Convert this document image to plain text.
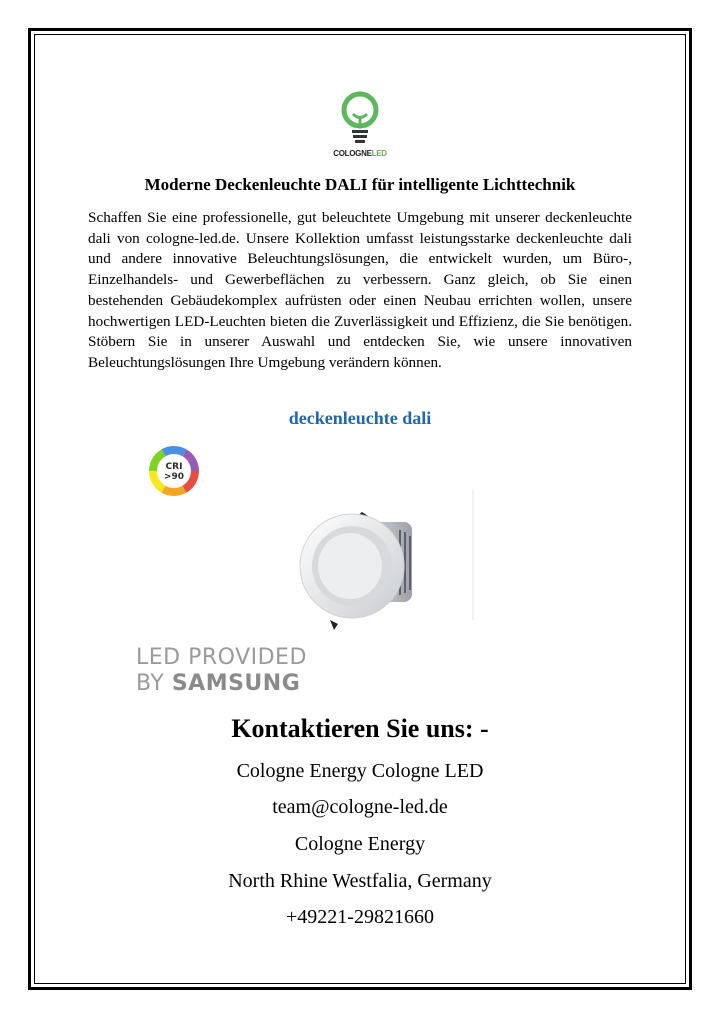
COLOGNELED
Moderne Deckenleuchte DALI für intelligente Lichttechnik

Schaffen Sie eine professionelle, gut beleuchtete Umgebung mit unserer deckenleuchte dali von cologne-led.de. Unsere Kollektion umfasst leistungsstarke deckenleuchte dali und andere innovative Beleuchtungslösungen, die entwickelt wurden, um Büro-, Einzelhandels- und Gewerbeflächen zu verbessern. Ganz gleich, ob Sie einen bestehenden Gebäudekomplex aufrüsten oder einen Neubau errichten wollen, unsere hochwertigen LED-Leuchten bieten die Zuverlässigkeit und Effizienz, die Sie benötigen. Stöbern Sie in unserer Auswahl und entdecken Sie, wie unsere innovativen Beleuchtungslösungen Ihre Umgebung verändern können.

deckenleuchte dali
CRI
>90
LED PROVIDED
BY SAMSUNG
Kontaktieren Sie uns: -
Cologne Energy Cologne LED
team@cologne-led.de
Cologne Energy
North Rhine Westfalia, Germany
+49221-29821660
